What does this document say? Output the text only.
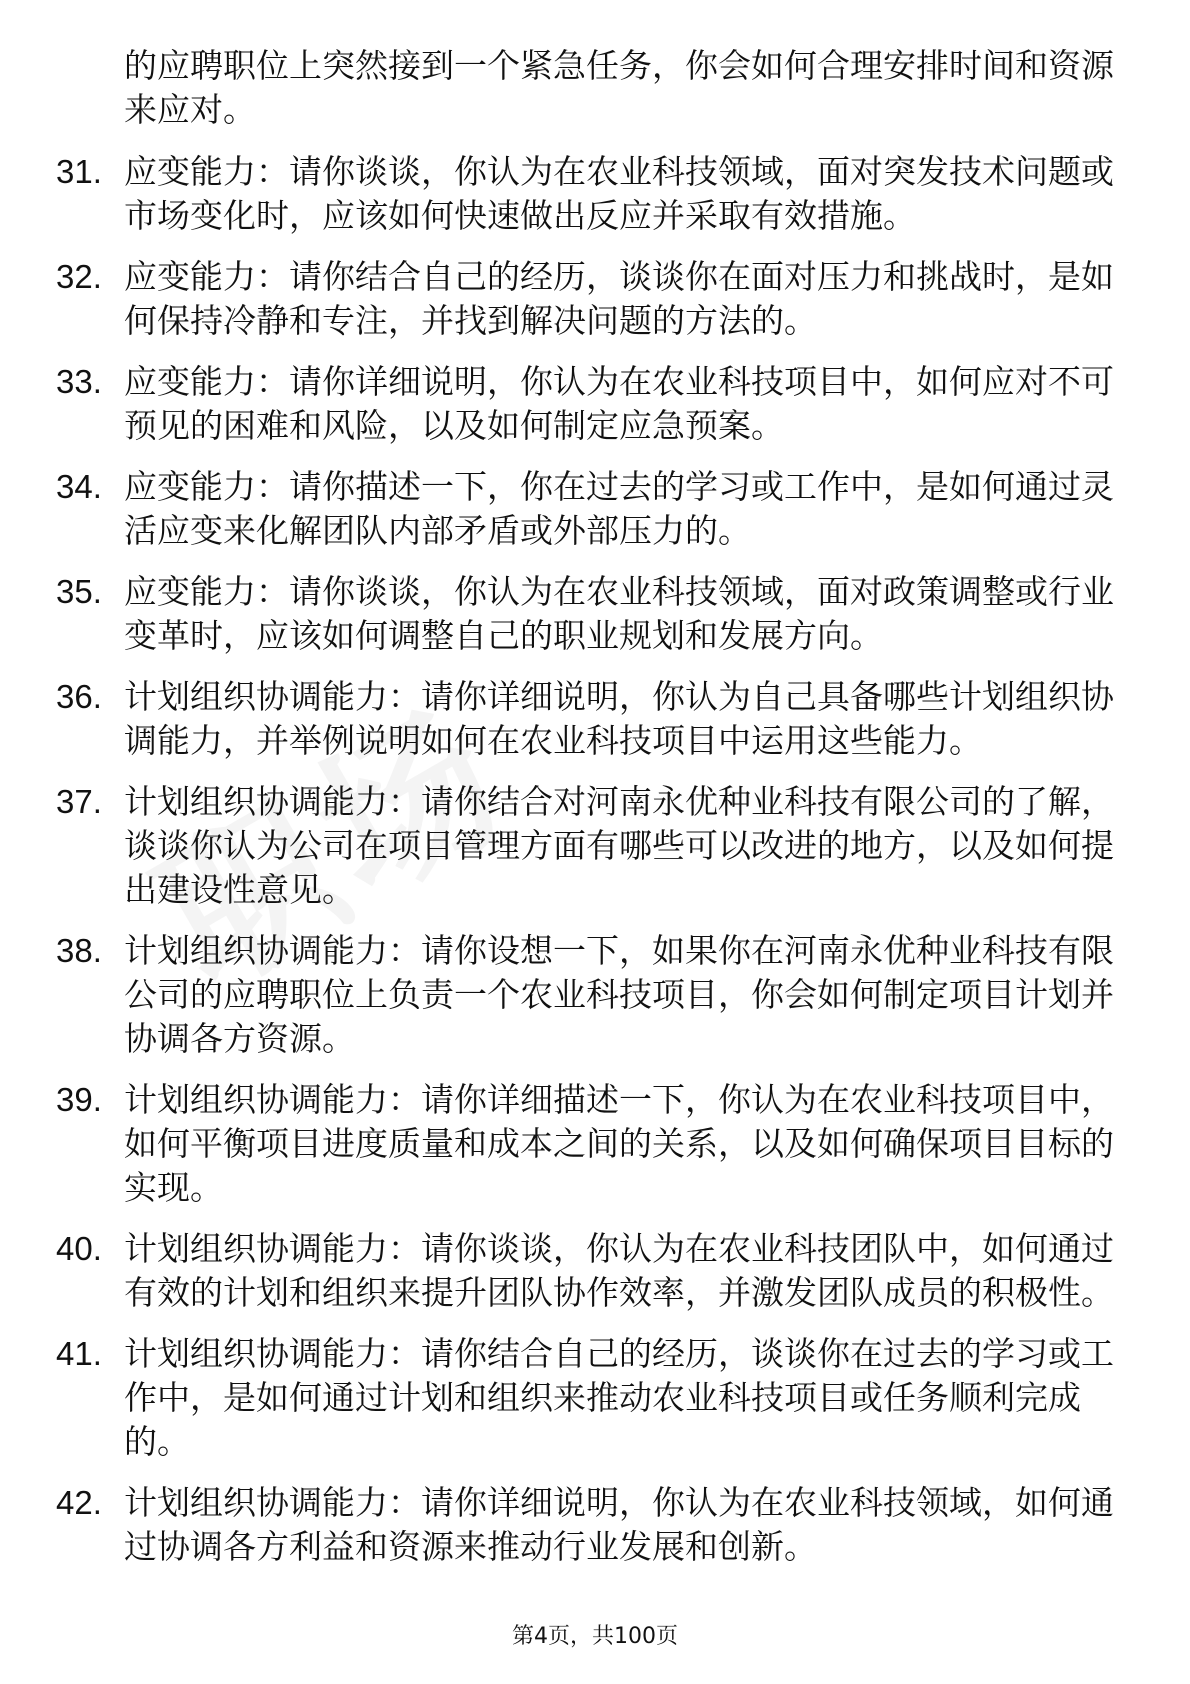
的应聘职位上突然接到一个紧急任务，你会如何合理安排时间和资源来应对。
31. 应变能力：请你谈谈，你认为在农业科技领域，面对突发技术问题或市场变化时，应该如何快速做出反应并采取有效措施。
32. 应变能力：请你结合自己的经历，谈谈你在面对压力和挑战时，是如何保持冷静和专注，并找到解决问题的方法的。
33. 应变能力：请你详细说明，你认为在农业科技项目中，如何应对不可预见的困难和风险，以及如何制定应急预案。
34. 应变能力：请你描述一下，你在过去的学习或工作中，是如何通过灵活应变来化解团队内部矛盾或外部压力的。
35. 应变能力：请你谈谈，你认为在农业科技领域，面对政策调整或行业变革时，应该如何调整自己的职业规划和发展方向。
36. 计划组织协调能力：请你详细说明，你认为自己具备哪些计划组织协调能力，并举例说明如何在农业科技项目中运用这些能力。
37. 计划组织协调能力：请你结合对河南永优种业科技有限公司的了解，谈谈你认为公司在项目管理方面有哪些可以改进的地方，以及如何提出建设性意见。
38. 计划组织协调能力：请你设想一下，如果你在河南永优种业科技有限公司的应聘职位上负责一个农业科技项目，你会如何制定项目计划并协调各方资源。
39. 计划组织协调能力：请你详细描述一下，你认为在农业科技项目中，如何平衡项目进度质量和成本之间的关系，以及如何确保项目目标的实现。
40. 计划组织协调能力：请你谈谈，你认为在农业科技团队中，如何通过有效的计划和组织来提升团队协作效率，并激发团队成员的积极性。
41. 计划组织协调能力：请你结合自己的经历，谈谈你在过去的学习或工作中，是如何通过计划和组织来推动农业科技项目或任务顺利完成的。
42. 计划组织协调能力：请你详细说明，你认为在农业科技领域，如何通过协调各方利益和资源来推动行业发展和创新。
第4页，共100页
